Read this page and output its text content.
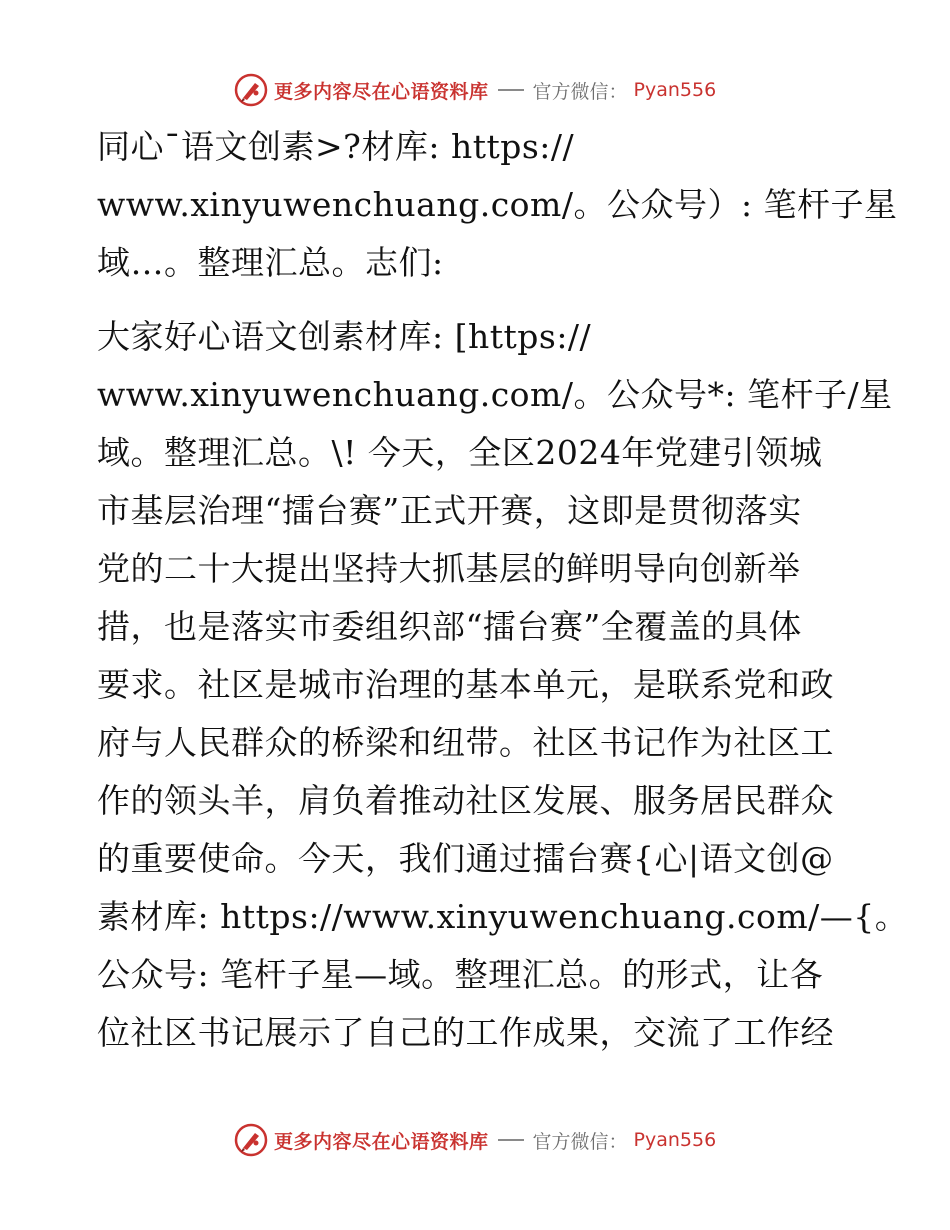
更多内容尽在心语资料库 官方微信： Pyan556
同心¯语文创素>?材库: https://
www.xinyuwenchuang.com/。公众号）: 笔杆子星
域…。整理汇总。志们:
大家好心语文创素材库: [https://
www.xinyuwenchuang.com/。公众号*: 笔杆子/星
域。整理汇总。\! 今天，全区2024年党建引领城
市基层治理“擂台赛”正式开赛，这即是贯彻落实
党的二十大提出坚持大抓基层的鲜明导向创新举
措，也是落实市委组织部“擂台赛”全覆盖的具体
要求。社区是城市治理的基本单元，是联系党和政
府与人民群众的桥梁和纽带。社区书记作为社区工
作的领头羊，肩负着推动社区发展、服务居民群众
的重要使命。今天，我们通过擂台赛{心|语文创@
素材库: https://www.xinyuwenchuang.com/—{。
公众号: 笔杆子星—域。整理汇总。的形式，让各
位社区书记展示了自己的工作成果，交流了工作经
更多内容尽在心语资料库 官方微信： Pyan556
